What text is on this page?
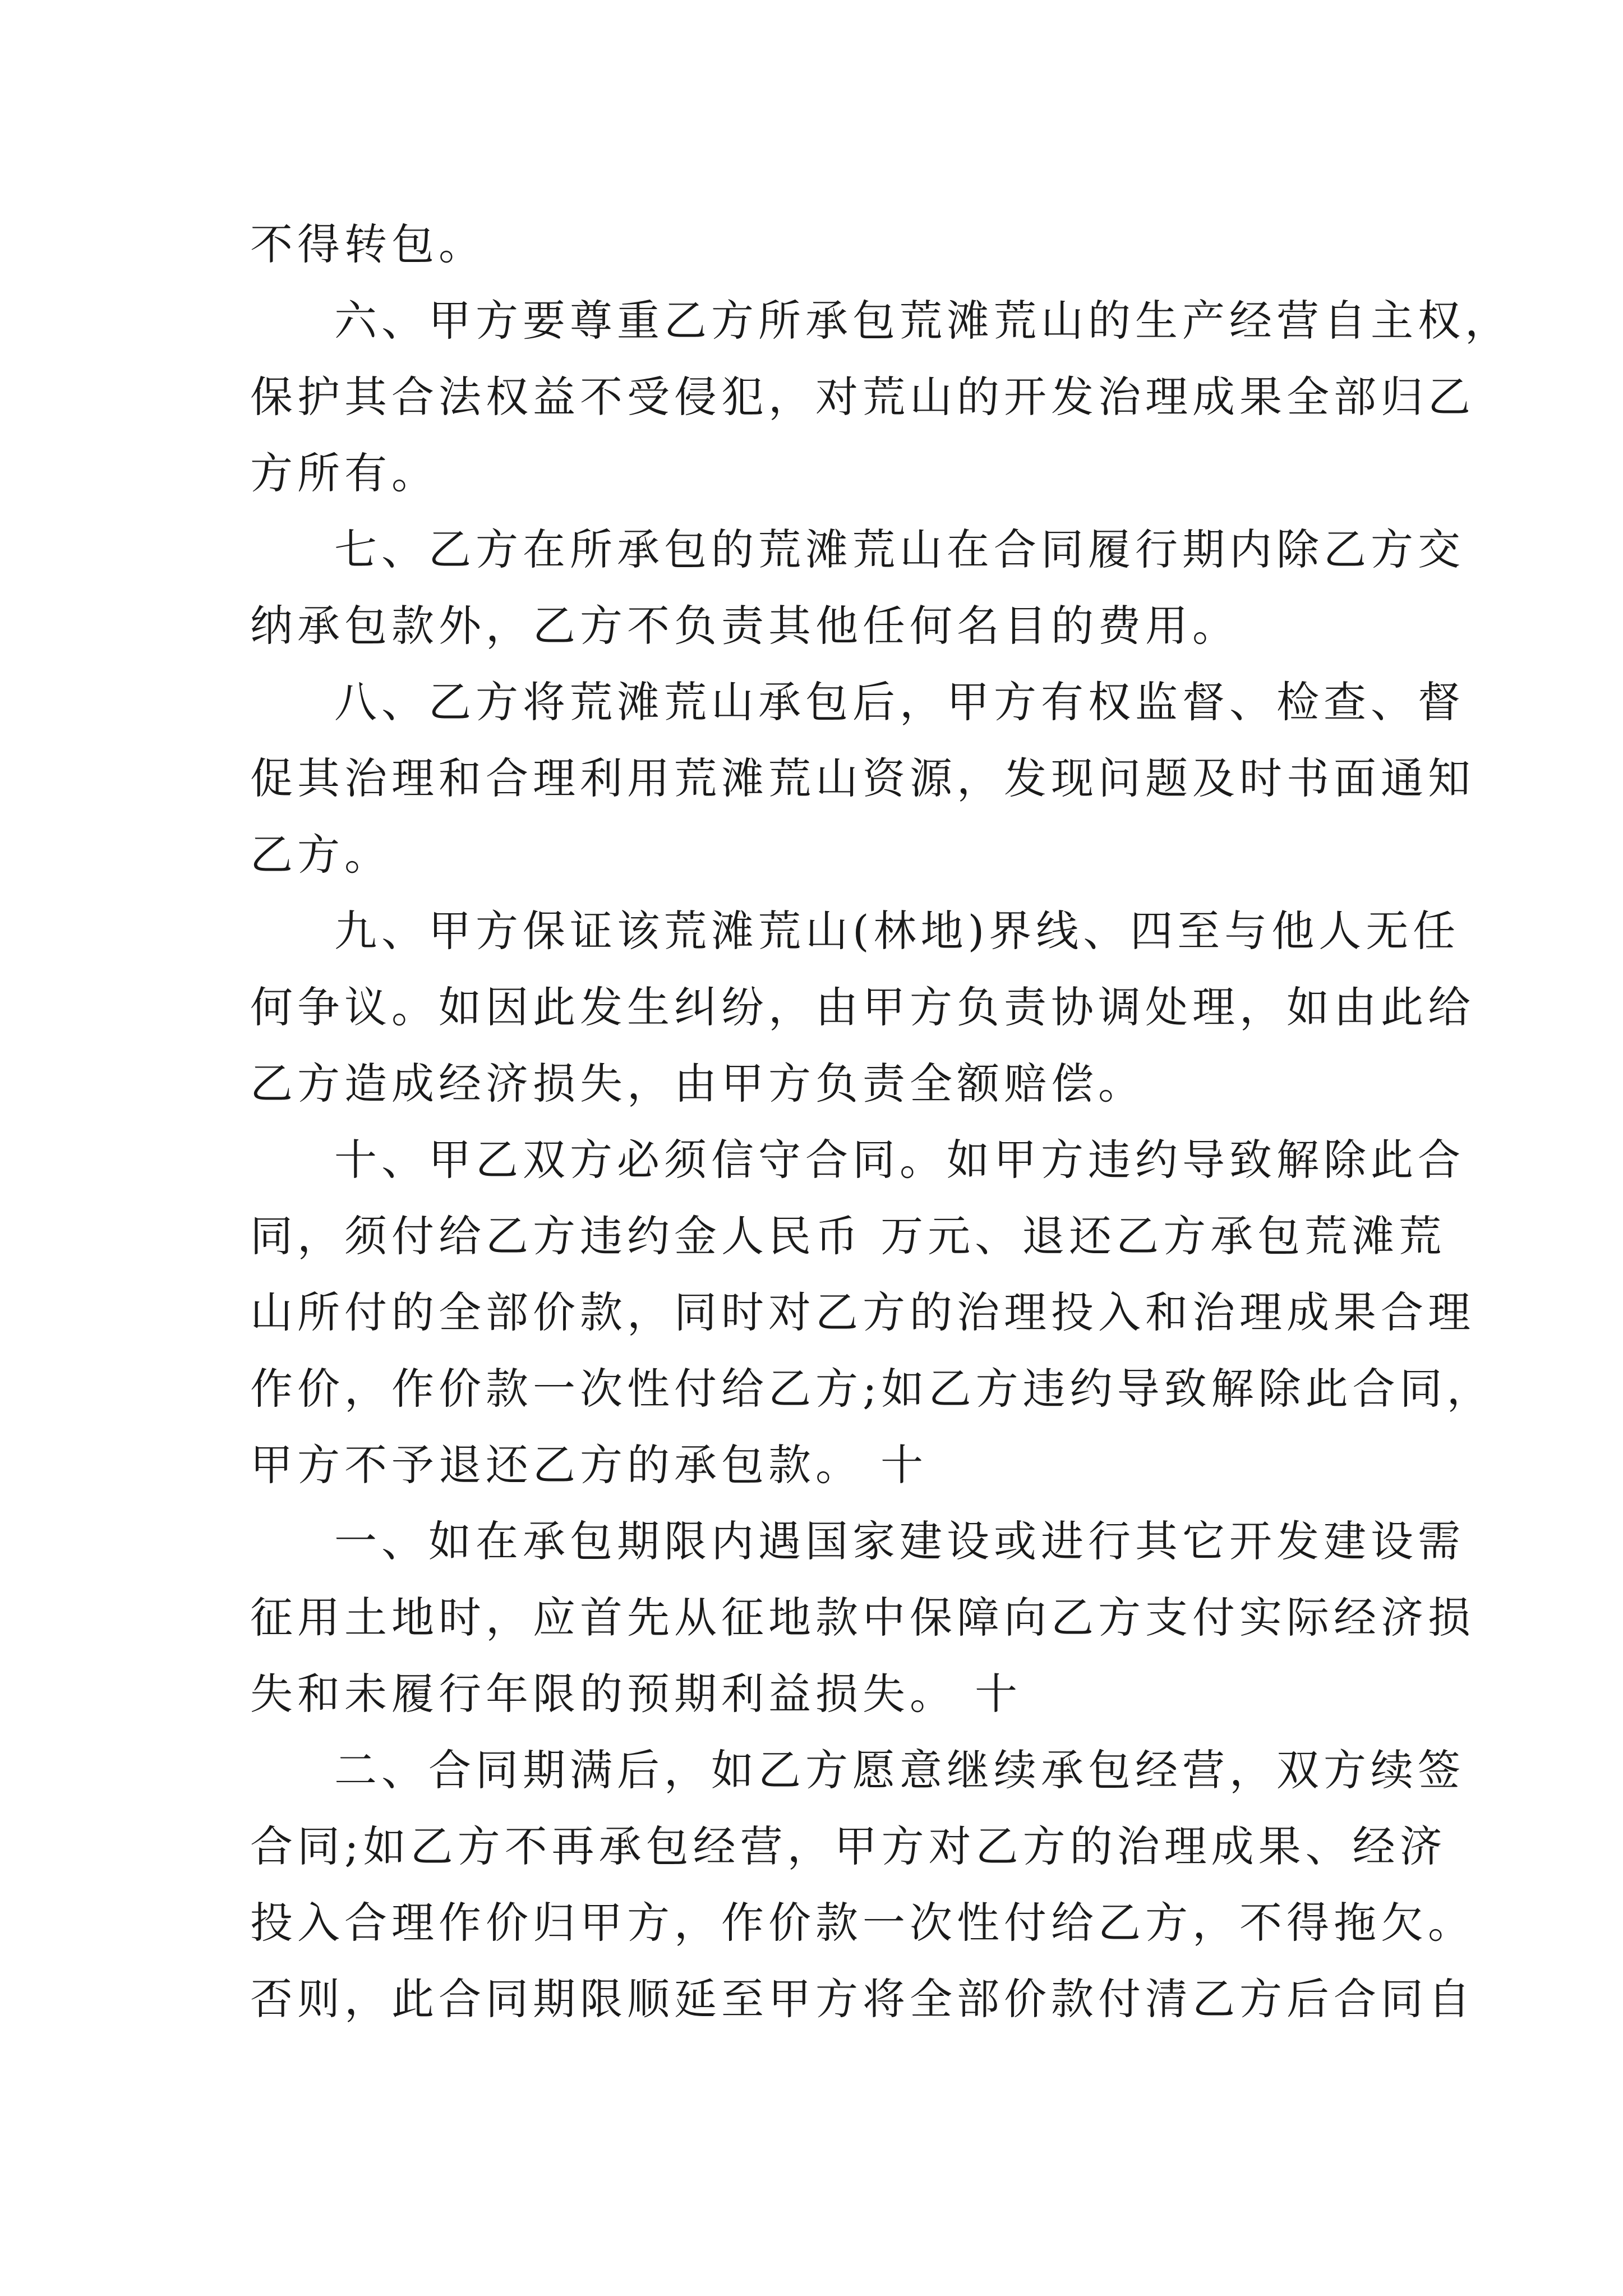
不得转包。
六、甲方要尊重乙方所承包荒滩荒山的生产经营自主权，
保护其合法权益不受侵犯，对荒山的开发治理成果全部归乙
方所有。
七、乙方在所承包的荒滩荒山在合同履行期内除乙方交
纳承包款外，乙方不负责其他任何名目的费用。
八、乙方将荒滩荒山承包后，甲方有权监督、检查、督
促其治理和合理利用荒滩荒山资源，发现问题及时书面通知
乙方。
九、甲方保证该荒滩荒山(林地)界线、四至与他人无任
何争议。如因此发生纠纷，由甲方负责协调处理，如由此给
乙方造成经济损失，由甲方负责全额赔偿。
十、甲乙双方必须信守合同。如甲方违约导致解除此合
同，须付给乙方违约金人民币 万元、退还乙方承包荒滩荒
山所付的全部价款，同时对乙方的治理投入和治理成果合理
作价，作价款一次性付给乙方;如乙方违约导致解除此合同，
甲方不予退还乙方的承包款。 十
一、如在承包期限内遇国家建设或进行其它开发建设需
征用土地时，应首先从征地款中保障向乙方支付实际经济损
失和未履行年限的预期利益损失。 十
二、合同期满后，如乙方愿意继续承包经营，双方续签
合同;如乙方不再承包经营，甲方对乙方的治理成果、经济
投入合理作价归甲方，作价款一次性付给乙方，不得拖欠。
否则，此合同期限顺延至甲方将全部价款付清乙方后合同自
